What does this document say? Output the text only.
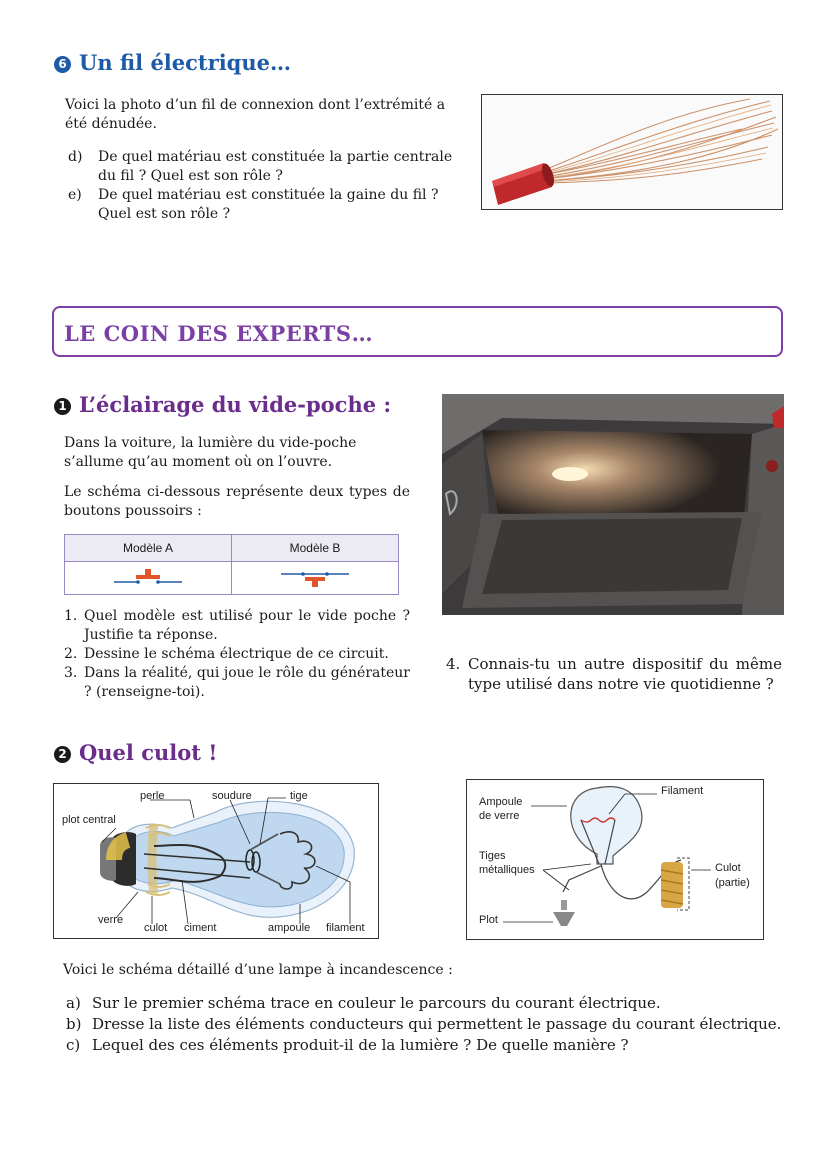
6 Un fil électrique…
Voici la photo d’un fil de connexion dont l’extrémité a été dénudée.
d) De quel matériau est constituée la partie centrale du fil ? Quel est son rôle ?
e) De quel matériau est constituée la gaine du fil ? Quel est son rôle ?
LE COIN DES EXPERTS…
1 L’éclairage du vide-poche :
Dans la voiture, la lumière du vide-poche s’allume qu’au moment où on l’ouvre.
Le schéma ci-dessous représente deux types de boutons poussoirs :
Modèle A	Modèle B

1. Quel modèle est utilisé pour le vide poche ? Justifie ta réponse.
2. Dessine le schéma électrique de ce circuit.
3. Dans la réalité, qui joue le rôle du générateur ? (renseigne-toi).
4. Connais-tu un autre dispositif du même type utilisé dans notre vie quotidienne ?
2 Quel culot !
perle	soudure	tige
plot central
verre
culot ciment	ampoule filament
Ampoule
de verre
Filament
Tiges
métalliques	Culot
(partie)
Plot
Voici le schéma détaillé d’une lampe à incandescence :
a) Sur le premier schéma trace en couleur le parcours du courant électrique.
b) Dresse la liste des éléments conducteurs qui permettent le passage du courant électrique.
c) Lequel des ces éléments produit-il de la lumière ? De quelle manière ?
